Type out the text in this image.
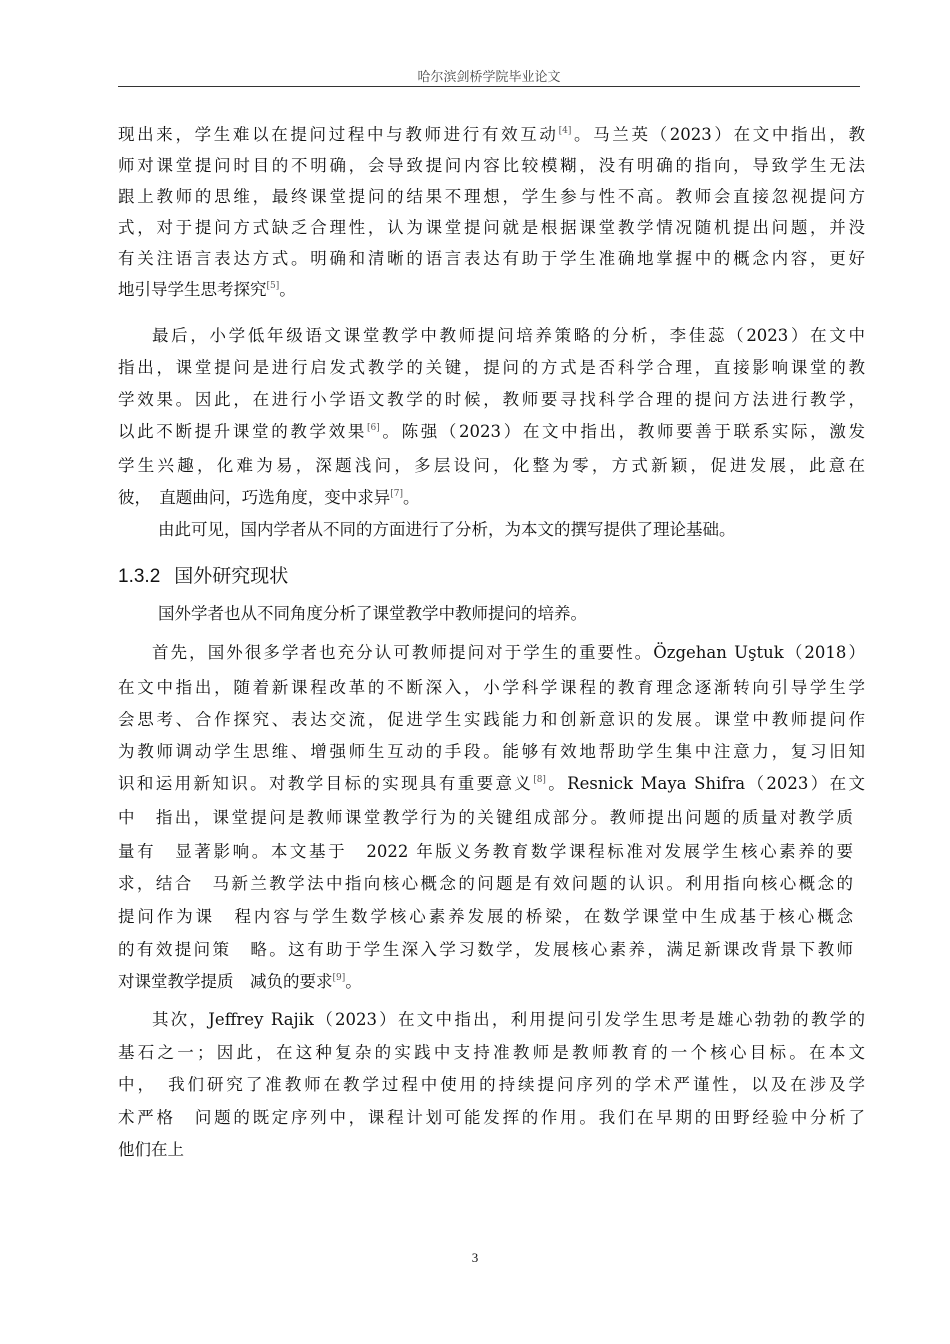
哈尔滨剑桥学院毕业论文
现出来，学生难以在提问过程中与教师进行有效互动[4]。马兰英（2023）在文中指出，教
师对课堂提问时目的不明确，会导致提问内容比较模糊，没有明确的指向，导致学生无法
跟上教师的思维，最终课堂提问的结果不理想，学生参与性不高。教师会直接忽视提问方
式，对于提问方式缺乏合理性，认为课堂提问就是根据课堂教学情况随机提出问题，并没
有关注语言表达方式。明确和清晰的语言表达有助于学生准确地掌握中的概念内容，更好
地引导学生思考探究[5]。
最后，小学低年级语文课堂教学中教师提问培养策略的分析，李佳蕊（2023）在文中
指出，课堂提问是进行启发式教学的关键，提问的方式是否科学合理，直接影响课堂的教
学效果。因此，在进行小学语文教学的时候，教师要寻找科学合理的提问方法进行教学，
以此不断提升课堂的教学效果[6]。陈强（2023）在文中指出，教师要善于联系实际，激发
学生兴趣，化难为易，深题浅问，多层设问，化整为零，方式新颖，促进发展，此意在
彼，　直题曲问，巧选角度，变中求异[7]。
由此可见，国内学者从不同的方面进行了分析，为本文的撰写提供了理论基础。
1.3.2 国外研究现状
国外学者也从不同角度分析了课堂教学中教师提问的培养。
首先，国外很多学者也充分认可教师提问对于学生的重要性。Özgehan Uştuk（2018）
在文中指出，随着新课程改革的不断深入，小学科学课程的教育理念逐渐转向引导学生学
会思考、合作探究、表达交流，促进学生实践能力和创新意识的发展。课堂中教师提问作
为教师调动学生思维、增强师生互动的手段。能够有效地帮助学生集中注意力，复习旧知
识和运用新知识。对教学目标的实现具有重要意义[8]。Resnick Maya Shifra（2023）在文
中　指出，课堂提问是教师课堂教学行为的关键组成部分。教师提出问题的质量对教学质
量有　显著影响。本文基于　2022 年版义务教育数学课程标准对发展学生核心素养的要
求，结合　马新兰教学法中指向核心概念的问题是有效问题的认识。利用指向核心概念的
提问作为课　程内容与学生数学核心素养发展的桥梁，在数学课堂中生成基于核心概念
的有效提问策　略。这有助于学生深入学习数学，发展核心素养，满足新课改背景下教师
对课堂教学提质　减负的要求[9]。
其次，Jeffrey Rajik（2023）在文中指出，利用提问引发学生思考是雄心勃勃的教学的
基石之一；因此，在这种复杂的实践中支持准教师是教师教育的一个核心目标。在本文
中，　我们研究了准教师在教学过程中使用的持续提问序列的学术严谨性，以及在涉及学
术严格　问题的既定序列中，课程计划可能发挥的作用。我们在早期的田野经验中分析了
他们在上
3
